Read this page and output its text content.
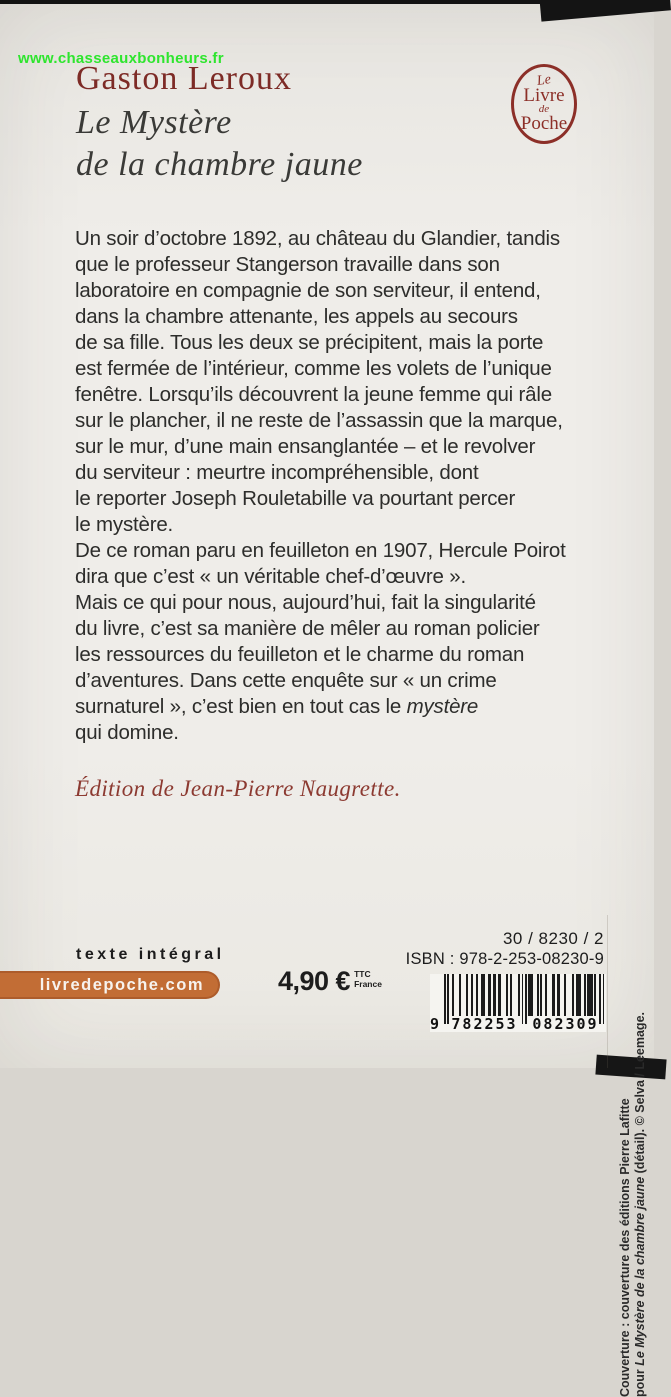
www.chasseauxbonheurs.fr
Gaston Leroux
Le Mystère
de la chambre jaune
Le
Livre
de
Poche
Un soir d’octobre 1892, au château du Glandier, tandis
que le professeur Stangerson travaille dans son
laboratoire en compagnie de son serviteur, il entend,
dans la chambre attenante, les appels au secours
de sa fille. Tous les deux se précipitent, mais la porte
est fermée de l’intérieur, comme les volets de l’unique
fenêtre. Lorsqu’ils découvrent la jeune femme qui râle
sur le plancher, il ne reste de l’assassin que la marque,
sur le mur, d’une main ensanglantée – et le revolver
du serviteur : meurtre incompréhensible, dont
le reporter Joseph Rouletabille va pourtant percer
le mystère.
De ce roman paru en feuilleton en 1907, Hercule Poirot
dira que c’est « un véritable chef-d’œuvre ».
Mais ce qui pour nous, aujourd’hui, fait la singularité
du livre, c’est sa manière de mêler au roman policier
les ressources du feuilleton et le charme du roman
d’aventures. Dans cette enquête sur « un crime
surnaturel », c’est bien en tout cas le mystère
qui domine.
Édition de Jean-Pierre Naugrette.
texte intégral
livredepoche.com	4,90 € TTC
France
30 / 8230 / 2
ISBN : 978-2-253-08230-9
9 782253 082309
Couverture : couverture des éditions Pierre Lafitte pour Le Mystère de la chambre jaune (détail). © Selva / Leemage.
